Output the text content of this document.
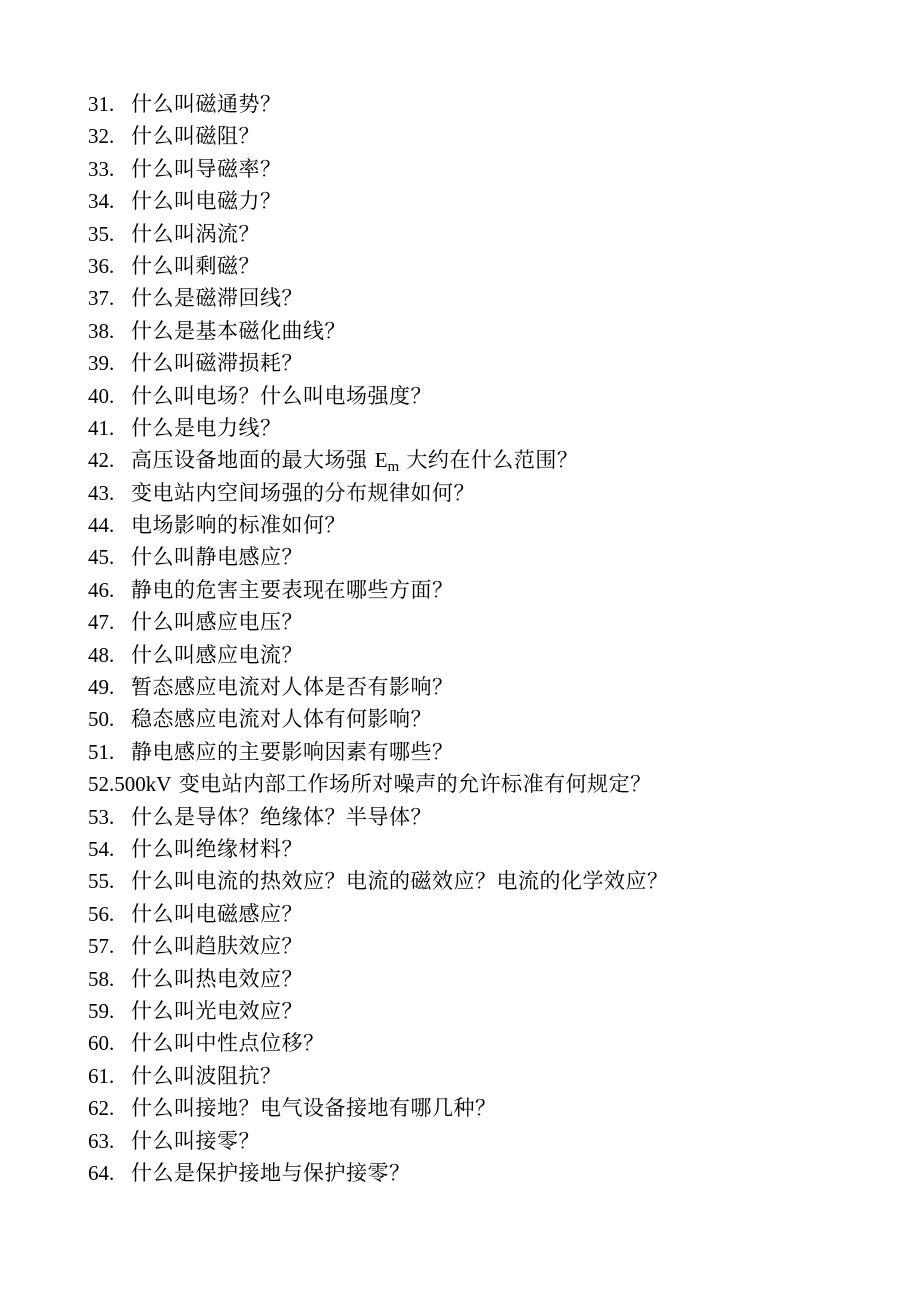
31. 什么叫磁通势？
32. 什么叫磁阻？
33. 什么叫导磁率？
34. 什么叫电磁力？
35. 什么叫涡流？
36. 什么叫剩磁？
37. 什么是磁滞回线？
38. 什么是基本磁化曲线？
39. 什么叫磁滞损耗？
40. 什么叫电场？什么叫电场强度？
41. 什么是电力线？
42. 高压设备地面的最大场强 Em 大约在什么范围？
43. 变电站内空间场强的分布规律如何？
44. 电场影响的标准如何？
45. 什么叫静电感应？
46. 静电的危害主要表现在哪些方面？
47. 什么叫感应电压？
48. 什么叫感应电流？
49. 暂态感应电流对人体是否有影响？
50. 稳态感应电流对人体有何影响？
51. 静电感应的主要影响因素有哪些？
52.500kV 变电站内部工作场所对噪声的允许标准有何规定？
53. 什么是导体？绝缘体？半导体？
54. 什么叫绝缘材料？
55. 什么叫电流的热效应？电流的磁效应？电流的化学效应？
56. 什么叫电磁感应？
57. 什么叫趋肤效应？
58. 什么叫热电效应？
59. 什么叫光电效应？
60. 什么叫中性点位移？
61. 什么叫波阻抗？
62. 什么叫接地？电气设备接地有哪几种？
63. 什么叫接零？
64. 什么是保护接地与保护接零？
